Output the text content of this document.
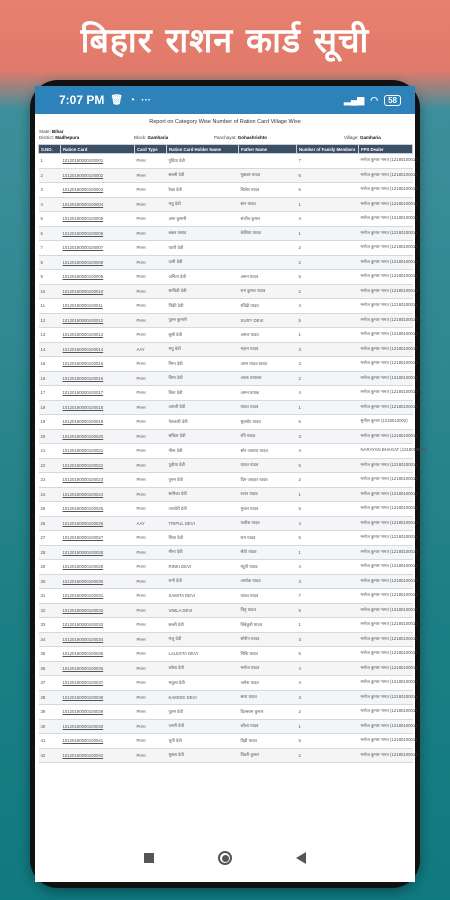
बिहार राशन कार्ड सूची
7:07 PM 🗑 ◔ ···	▂▄▆ ◠	58
Report on Category Wise Number of Ration Card Village Wise
State: Bihar
District: Madhepura	Block: Gamharia	Panchayat: Gohashrishto	Village: Gamharia
S.NO.	Ration Card	Card Type	Ration Card Holder Name	Father Name	Number of Family Members	FPS Dealer
1	10120180000100001	PHH	गुडिया देवी		7	मनोज कुमार भगत (1218010001)
2	10120180000100002	PHH	सबनी देवी	मुन्नाला यादव	6	मनोज कुमार भगत (1218010001)
3	10120180000100003	PHH	रेखा देवी	विलेश यादव	6	मनोज कुमार भगत (1218010001)
4	10120180000100004	PHH	मधु देवी	सार यादव	1	मनोज कुमार भगत (1218010001)
5	10120180000100005	PHH	अना कुमारी	संजीव कुमार	4	मनोज कुमार भगत (1218010001)
6	10120180000100006	PHH	बबल प्रसाद	केशिया यादव	1	मनोज कुमार भगत (1218010001)
7	10120180000100007	PHH	प्यारी देवी		2	मनोज कुमार भगत (1218010001)
8	10120180000100008	PHH	दानी देवी		2	मनोज कुमार भगत (1218010001)
9	10120180000100009	PHH	अनिता देवी	अमन यादव	5	मनोज कुमार भगत (1218010001)
10	10120180000100010	PHH	सावित्री देवी	राम कुमार यादव	2	मनोज कुमार भगत (1218010001)
11	10120180000100011	PHH	पिंकी देवी	रविंद्री यादव	4	मनोज कुमार भगत (1218010001)
12	10120180000100012	PHH	पुतन कुमारी	SURY DEVI	5	मनोज कुमार भगत (1218010001)
13	10120180000100013	PHH	बूसी देवी	अमल यादव	1	मनोज कुमार भगत (1218010001)
14	10120180000100014	AAY	मधु देवी	महान यादव	3	मनोज कुमार भगत (1218010001)
15	10120180000100015	PHH	निमा देवी	अरम यादव यादव	3	मनोज कुमार भगत (1218010001)
16	10120180000100016	PHH	विमा देवी	अरक यायलत	2	मनोज कुमार भगत (1218010001)
17	10120180000100017	PHH	विना देवी	अमन यायक	4	मनोज कुमार भगत (1218010001)
18	10120180000100018	PHH	आरती देवी	यादव यादव	1	मनोज कुमार भगत (1218010001)
19	10120180000100019	PHH	पेतकारी देवी	सुरसोट यादव	6	सुनील कुमार (1218010002)
20	10120180000100020	PHH	सबिता देवी	रवि यादव	3	मनोज कुमार भगत (1218010001)
21	10120180000100021	PHH	नीना देवी	सोर जवारत यादव	4	NARAYAN BHAGAT (1218010001)
22	10120180000100022	PHH	पुदीया देवी	यादव यादव	5	मनोज कुमार भगत (1218010001)
23	10120180000100023	PHH	पुनम देवी	दिन जवाहर यादव	2	मनोज कुमार भगत (1218010001)
24	10120180000100024	PHH	सारिका देवी	रवान यादव	1	मनोज कुमार भगत (1218010001)
25	10120180000100025	PHH	ज्यादेरी देवी	मुराल यादव	5	मनोज कुमार भगत (1218010001)
26	10120180000100026	AAY	TRIPUL DEVI	फवीस यादव	4	मनोज कुमार भगत (1218010001)
27	10120180000100027	PHH	शिवा देवी	राम यादव	5	मनोज कुमार भगत (1218010001)
28	10120180000100028	PHH	मीना देवी	सेठी यादव	1	मनोज कुमार भगत (1218010001)
29	10120180000100029	PHH	RINKI DEVI	मंटुरी यादव	4	मनोज कुमार भगत (1218010001)
30	10120180000100030	PHH	रानी देवी	अशोक यादव	3	मनोज कुमार भगत (1218010001)
31	10120180000100031	PHH	SAMITA DEVI	यादव यादव	7	मनोज कुमार भगत (1218010001)
32	10120180000100032	PHH	VIMLA DEVI	विनु यादव	5	मनोज कुमार भगत (1218010001)
33	10120180000100033	PHH	सबरी देवी	विबेकुरी यादव	1	मनोज कुमार भगत (1218010001)
34	10120180000100034	PHH	मंजु देवी	सोरीन यादव	3	मनोज कुमार भगत (1218010001)
35	10120180000100035	PHH	LALESTA DEVI	निकि यादव	5	मनोज कुमार भगत (1218010001)
36	10120180000100036	PHH	कोसा देवी	मनोज यादव	4	मनोज कुमार भगत (1218010001)
37	10120180000100037	PHH	मधुला देवी	अमेश यादव	4	मनोज कुमार भगत (1218010001)
38	10120180000100038	PHH	KAMODI DEVI	सारा यादव	3	मनोज कुमार भगत (1218010001)
39	10120180000100039	PHH	पुतम देवी	दिलसाम कुमार	2	मनोज कुमार भगत (1218010001)
40	10120180000100040	PHH	जगरी देवी	कौला यादव	1	मनोज कुमार भगत (1218010001)
41	10120180000100041	PHH	चूनी देवी	विद्री यादव	5	मनोज कुमार भगत (1218010001)
42	10120180000100042	PHH	मुक्ता देवी	विदरी कुमार	2	मनोज कुमार भगत (1218010001)
